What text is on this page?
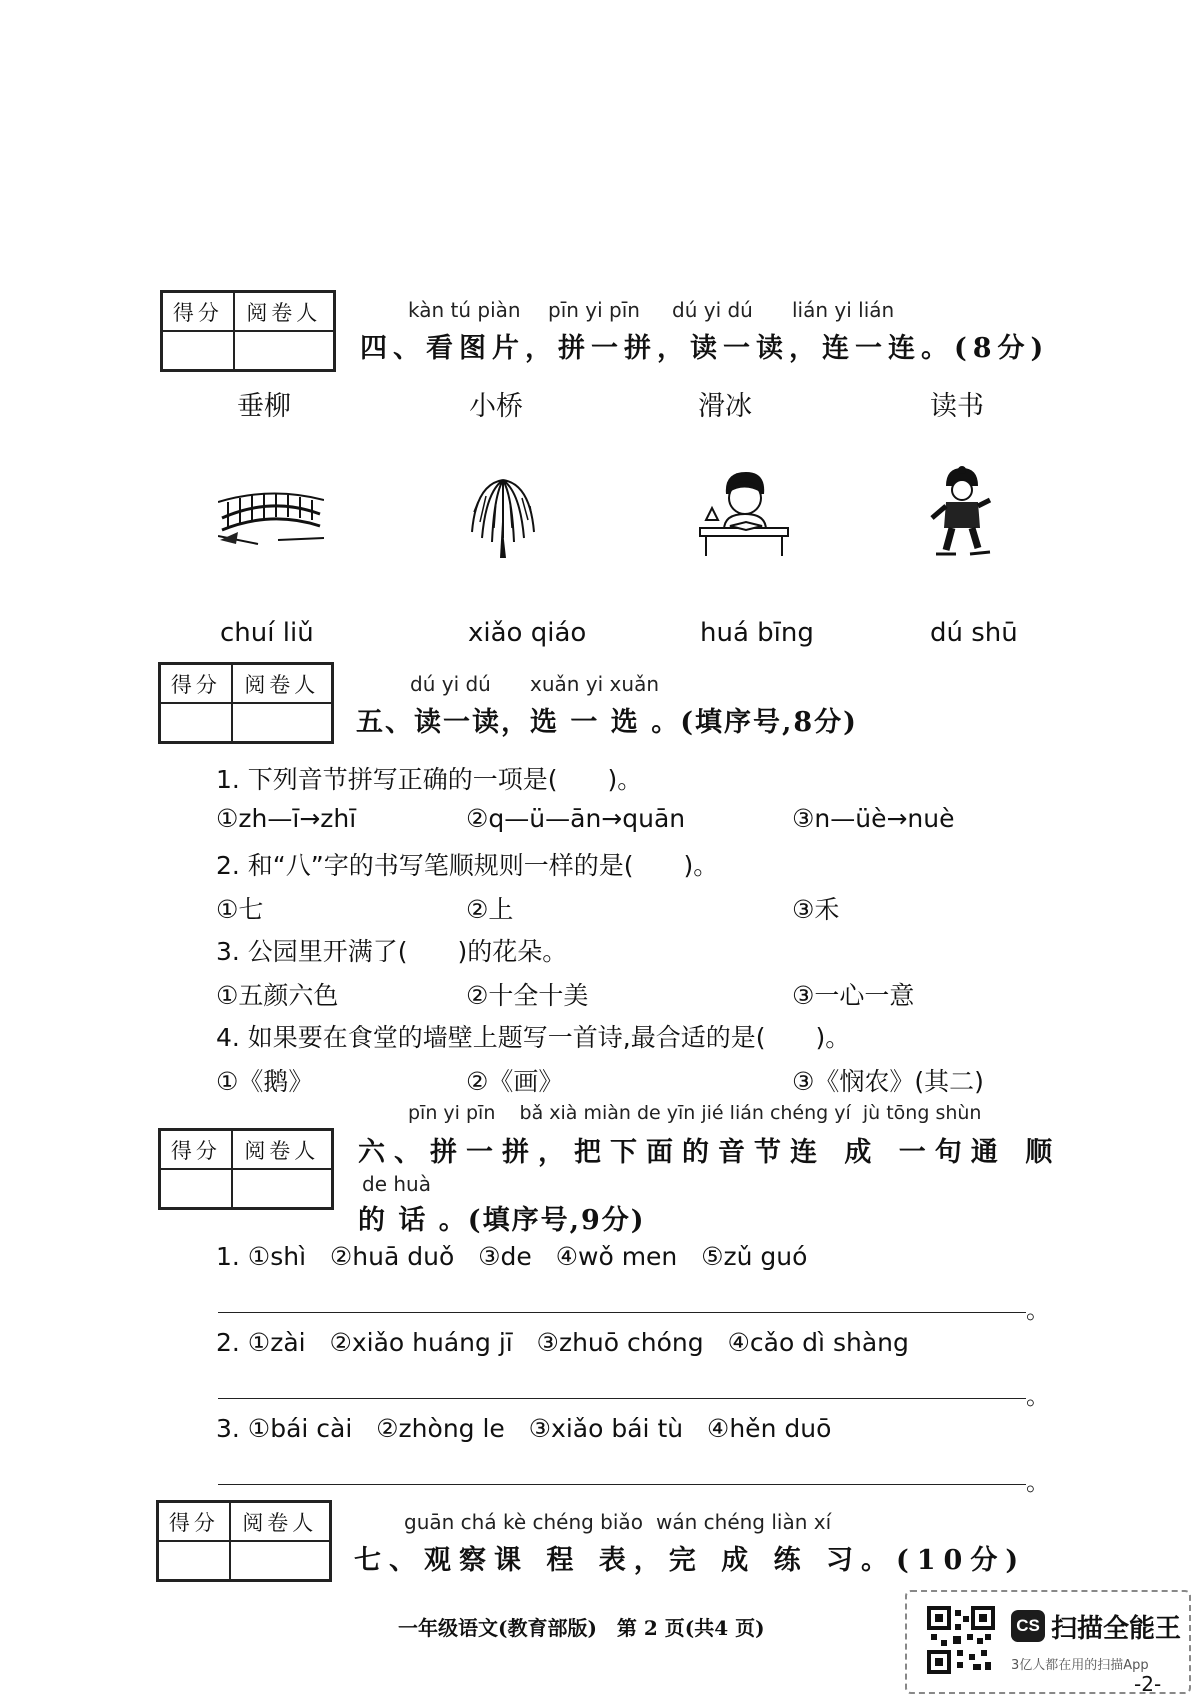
得分	阅卷人	kàn tú piàn pīn yi pīn dú yi dú lián yi lián
四、看图片，拼一拼，读一读，连一连。(8分)
垂柳	小桥	滑冰	读书
chuí liǔ	xiǎo qiáo	huá bīng	dú shū
得分	阅卷人	dú yi dú xuǎn yi xuǎn
五、读一读，选 一 选 。(填序号,8分)
1. 下列音节拼写正确的一项是(　　)。
①zh—ī→zhī	②q—ü—ān→quān	③n—üè→nuè
2. 和“八”字的书写笔顺规则一样的是(　　)。
①七	②上	③禾
3. 公园里开满了(　　)的花朵。
①五颜六色	②十全十美	③一心一意
4. 如果要在食堂的墙壁上题写一首诗,最合适的是(　　)。
①《鹅》	②《画》	③《悯农》(其二)
得分	阅卷人
pīn yi pīn    bǎ xià miàn de yīn jié lián chéng yí  jù tōng shùn
六、拼一拼，把下面的音节连 成 一句通 顺
de huà
的 话 。(填序号,9分)
1. ①shì   ②huā duǒ   ③de   ④wǒ men   ⑤zǔ guó
。
2. ①zài   ②xiǎo huáng jī   ③zhuō chóng   ④cǎo dì shàng
。
3. ①bái cài   ②zhòng le   ③xiǎo bái tù   ④hěn duō
。
得分	阅卷人	guān chá kè chéng biǎo wán chéng liàn xí
七、观察课 程 表，完 成 练 习。(10分)
一年级语文(教育部版)　第 2 页(共4 页)	CS 扫描全能王
3亿人都在用的扫描App
-2-
